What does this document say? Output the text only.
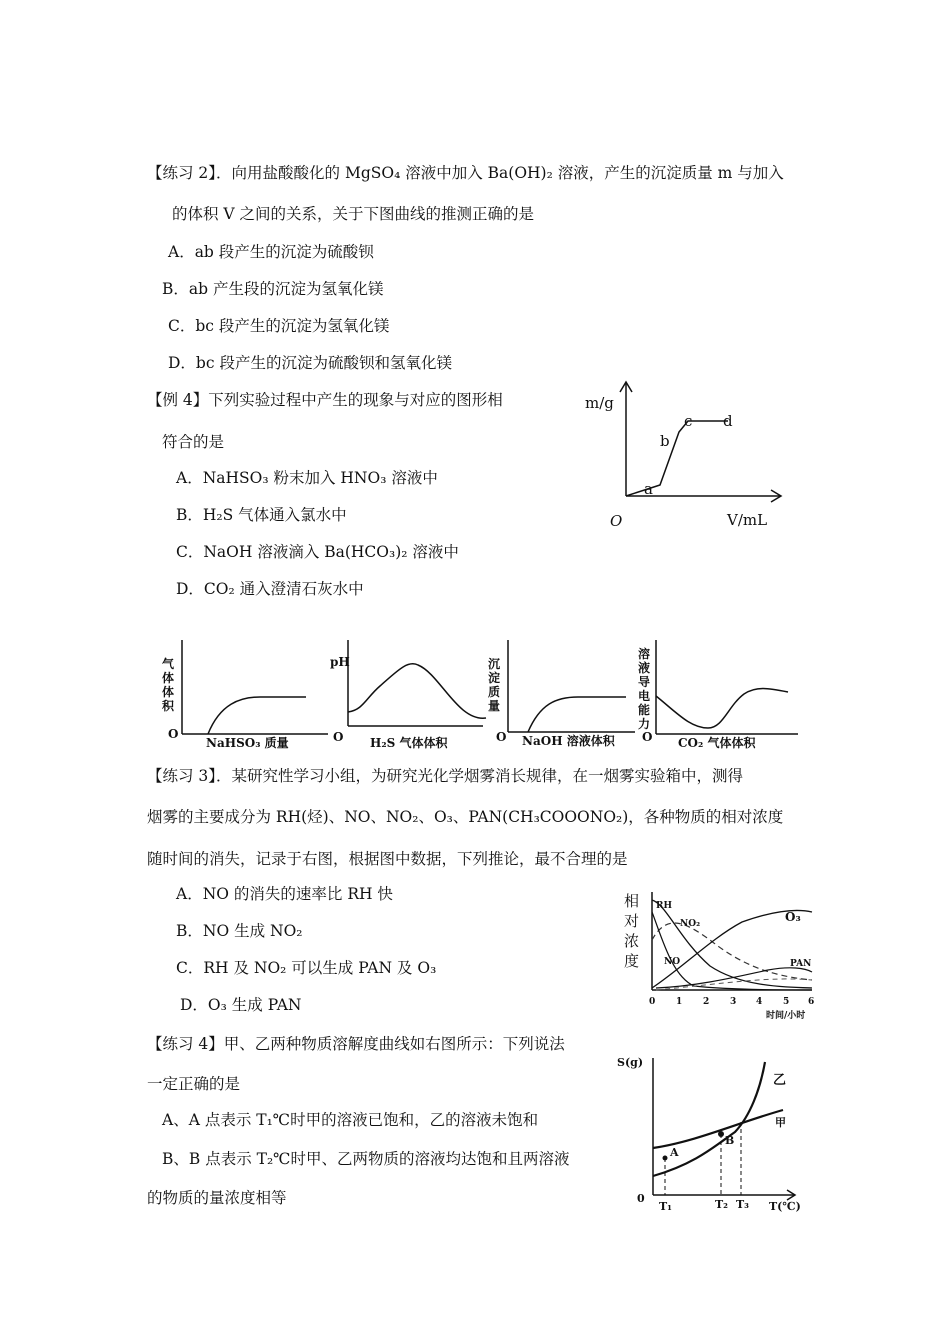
【练习 2】．向用盐酸酸化的 MgSO₄ 溶液中加入 Ba(OH)₂ 溶液，产生的沉淀质量 m 与加入
的体积 V 之间的关系，关于下图曲线的推测正确的是
A．ab 段产生的沉淀为硫酸钡
B．ab 产生段的沉淀为氢氧化镁
C．bc 段产生的沉淀为氢氧化镁
D．bc 段产生的沉淀为硫酸钡和氢氧化镁
m/g
V/mL
O
a
b
c d
【例 4】下列实验过程中产生的现象与对应的图形相
符合的是
A．NaHSO₃ 粉末加入 HNO₃ 溶液中
B．H₂S 气体通入氯水中
C．NaOH 溶液滴入 Ba(HCO₃)₂ 溶液中
D．CO₂ 通入澄清石灰水中
气
体
体
积
O
NaHSO₃ 质量
pH
O H₂S 气体体积
沉
淀
质
量
O NaOH 溶液体积
溶
液
导
电
能
力
O CO₂ 气体体积
【练习 3】．某研究性学习小组，为研究光化学烟雾消长规律，在一烟雾实验箱中，测得
烟雾的主要成分为 RH(烃)、NO、NO₂、O₃、PAN(CH₃COOONO₂)，各种物质的相对浓度
随时间的消失，记录于右图，根据图中数据，下列推论，最不合理的是
A．NO 的消失的速率比 RH 快
B．NO 生成 NO₂
C．RH 及 NO₂ 可以生成 PAN 及 O₃
D．O₃ 生成 PAN
RH
NO₂
NO
O₃
PAN
相
对
浓
度
0 1 2 3 4 5 6
时间/小时
【练习 4】甲、乙两种物质溶解度曲线如右图所示：下列说法
一定正确的是
A、A 点表示 T₁℃时甲的溶液已饱和，乙的溶液未饱和
B、B 点表示 T₂℃时甲、乙两物质的溶液均达饱和且两溶液
的物质的量浓度相等
S(g)
0
T(℃)
T₁	T₂ T₃
A
B
乙
甲
